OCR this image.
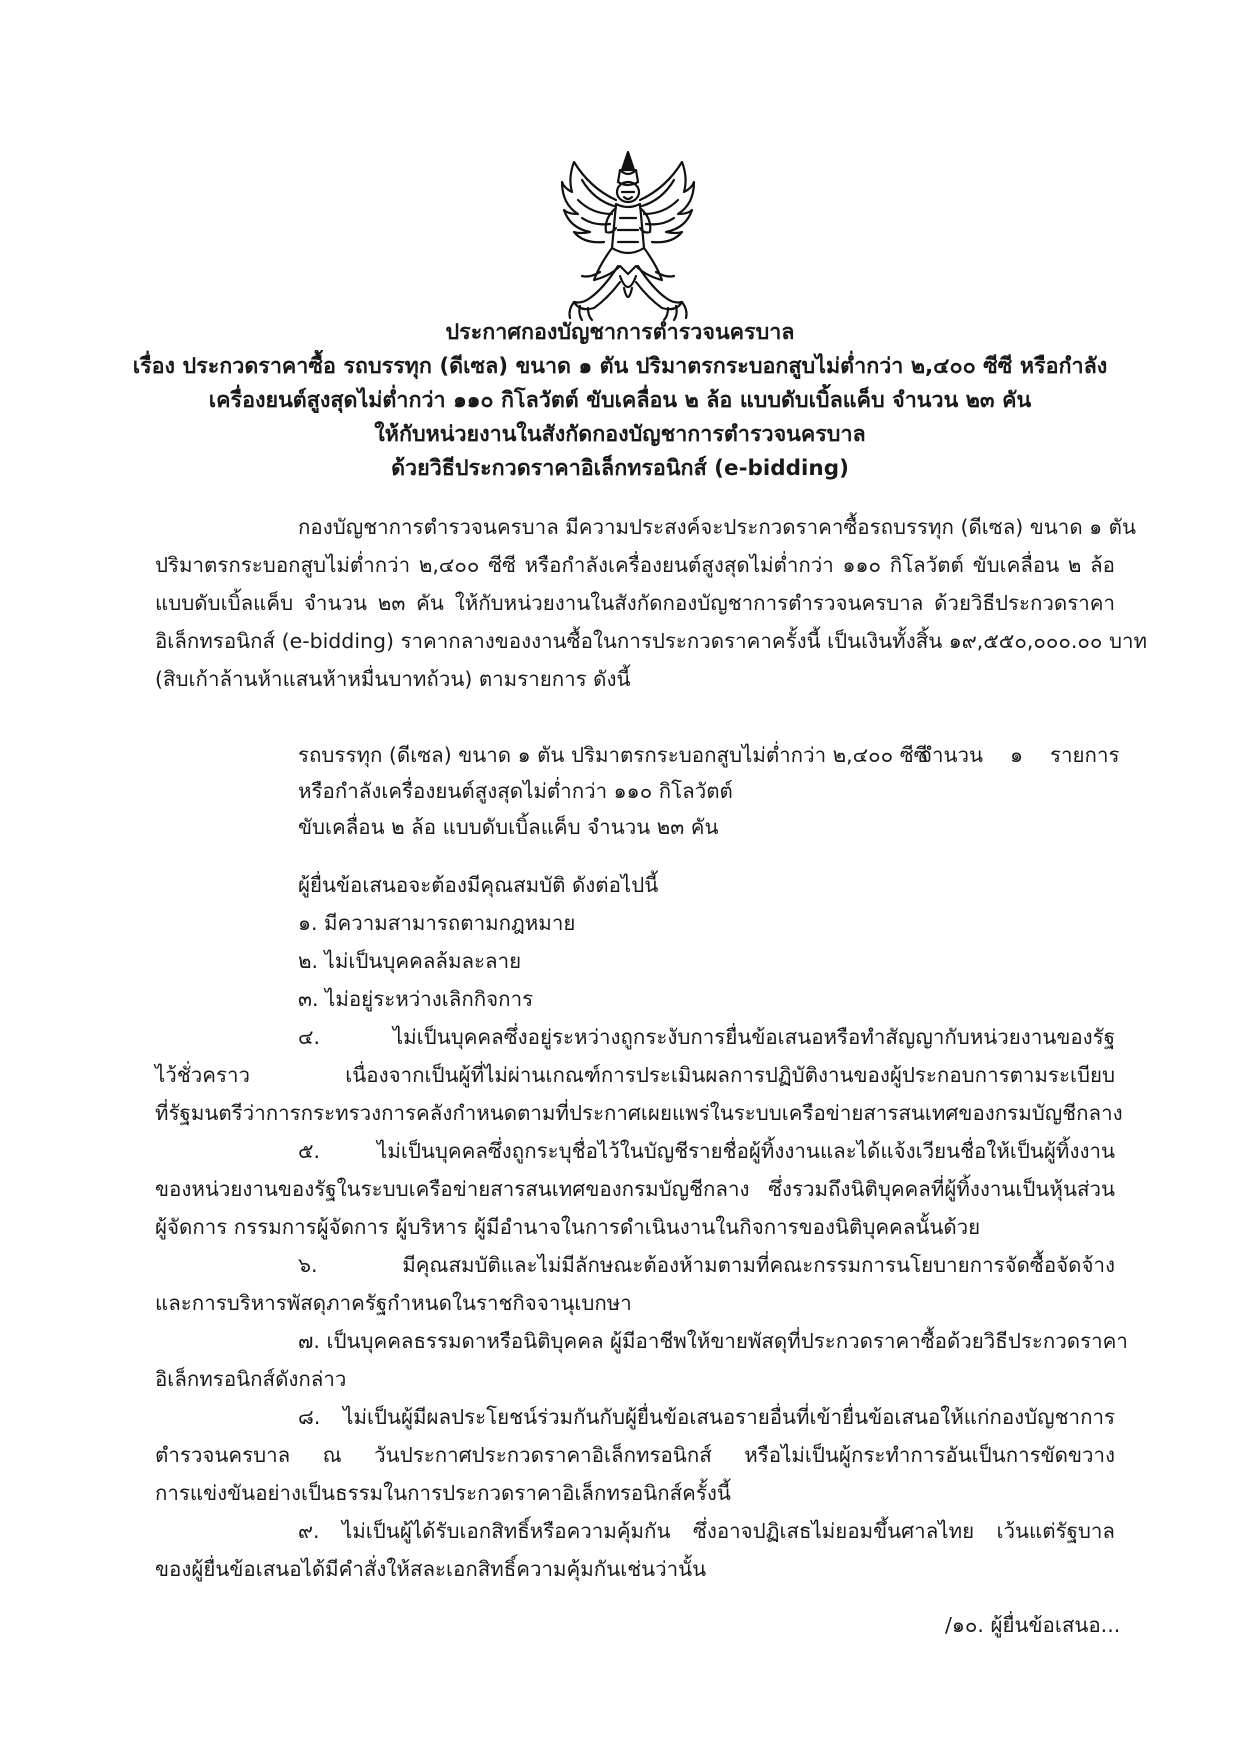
ประกาศกองบัญชาการตำรวจนครบาล
เรื่อง ประกวดราคาซื้อ รถบรรทุก (ดีเซล) ขนาด ๑ ตัน ปริมาตรกระบอกสูบไม่ต่ำกว่า ๒,๔๐๐ ซีซี หรือกำลัง
เครื่องยนต์สูงสุดไม่ต่ำกว่า ๑๑๐ กิโลวัตต์ ขับเคลื่อน ๒ ล้อ แบบดับเบิ้ลแค็บ จำนวน ๒๓ คัน
ให้กับหน่วยงานในสังกัดกองบัญชาการตำรวจนครบาล
ด้วยวิธีประกวดราคาอิเล็กทรอนิกส์ (e-bidding)
กองบัญชาการตำรวจนครบาล มีความประสงค์จะประกวดราคาซื้อรถบรรทุก (ดีเซล) ขนาด ๑ ตัน
ปริมาตรกระบอกสูบไม่ต่ำกว่า ๒,๔๐๐ ซีซี หรือกำลังเครื่องยนต์สูงสุดไม่ต่ำกว่า ๑๑๐ กิโลวัตต์ ขับเคลื่อน ๒ ล้อ
แบบดับเบิ้ลแค็บ จำนวน ๒๓ คัน ให้กับหน่วยงานในสังกัดกองบัญชาการตำรวจนครบาล ด้วยวิธีประกวดราคา
อิเล็กทรอนิกส์ (e-bidding) ราคากลางของงานซื้อในการประกวดราคาครั้งนี้ เป็นเงินทั้งสิ้น ๑๙,๕๕๐,๐๐๐.๐๐ บาท
(สิบเก้าล้านห้าแสนห้าหมื่นบาทถ้วน) ตามรายการ ดังนี้
รถบรรทุก (ดีเซล) ขนาด ๑ ตัน ปริมาตรกระบอกสูบไม่ต่ำกว่า ๒,๔๐๐ ซีซี
หรือกำลังเครื่องยนต์สูงสุดไม่ต่ำกว่า ๑๑๐ กิโลวัตต์
ขับเคลื่อน ๒ ล้อ แบบดับเบิ้ลแค็บ จำนวน ๒๓ คัน
จำนวน ๑ รายการ
ผู้ยื่นข้อเสนอจะต้องมีคุณสมบัติ ดังต่อไปนี้
๑. มีความสามารถตามกฎหมาย
๒. ไม่เป็นบุคคลล้มละลาย
๓. ไม่อยู่ระหว่างเลิกกิจการ
๔. ไม่เป็นบุคคลซึ่งอยู่ระหว่างถูกระงับการยื่นข้อเสนอหรือทำสัญญากับหน่วยงานของรัฐ
ไว้ชั่วคราว เนื่องจากเป็นผู้ที่ไม่ผ่านเกณฑ์การประเมินผลการปฏิบัติงานของผู้ประกอบการตามระเบียบ
ที่รัฐมนตรีว่าการกระทรวงการคลังกำหนดตามที่ประกาศเผยแพร่ในระบบเครือข่ายสารสนเทศของกรมบัญชีกลาง
๕. ไม่เป็นบุคคลซึ่งถูกระบุชื่อไว้ในบัญชีรายชื่อผู้ทิ้งงานและได้แจ้งเวียนชื่อให้เป็นผู้ทิ้งงาน
ของหน่วยงานของรัฐในระบบเครือข่ายสารสนเทศของกรมบัญชีกลาง ซึ่งรวมถึงนิติบุคคลที่ผู้ทิ้งงานเป็นหุ้นส่วน
ผู้จัดการ กรรมการผู้จัดการ ผู้บริหาร ผู้มีอำนาจในการดำเนินงานในกิจการของนิติบุคคลนั้นด้วย
๖. มีคุณสมบัติและไม่มีลักษณะต้องห้ามตามที่คณะกรรมการนโยบายการจัดซื้อจัดจ้าง
และการบริหารพัสดุภาครัฐกำหนดในราชกิจจานุเบกษา
๗. เป็นบุคคลธรรมดาหรือนิติบุคคล ผู้มีอาชีพให้ขายพัสดุที่ประกวดราคาซื้อด้วยวิธีประกวดราคา
อิเล็กทรอนิกส์ดังกล่าว
๘. ไม่เป็นผู้มีผลประโยชน์ร่วมกันกับผู้ยื่นข้อเสนอรายอื่นที่เข้ายื่นข้อเสนอให้แก่กองบัญชาการ
ตำรวจนครบาล ณ วันประกาศประกวดราคาอิเล็กทรอนิกส์ หรือไม่เป็นผู้กระทำการอันเป็นการขัดขวาง
การแข่งขันอย่างเป็นธรรมในการประกวดราคาอิเล็กทรอนิกส์ครั้งนี้
๙. ไม่เป็นผู้ได้รับเอกสิทธิ์หรือความคุ้มกัน ซึ่งอาจปฏิเสธไม่ยอมขึ้นศาลไทย เว้นแต่รัฐบาล
ของผู้ยื่นข้อเสนอได้มีคำสั่งให้สละเอกสิทธิ์ความคุ้มกันเช่นว่านั้น
/๑๐. ผู้ยื่นข้อเสนอ...
